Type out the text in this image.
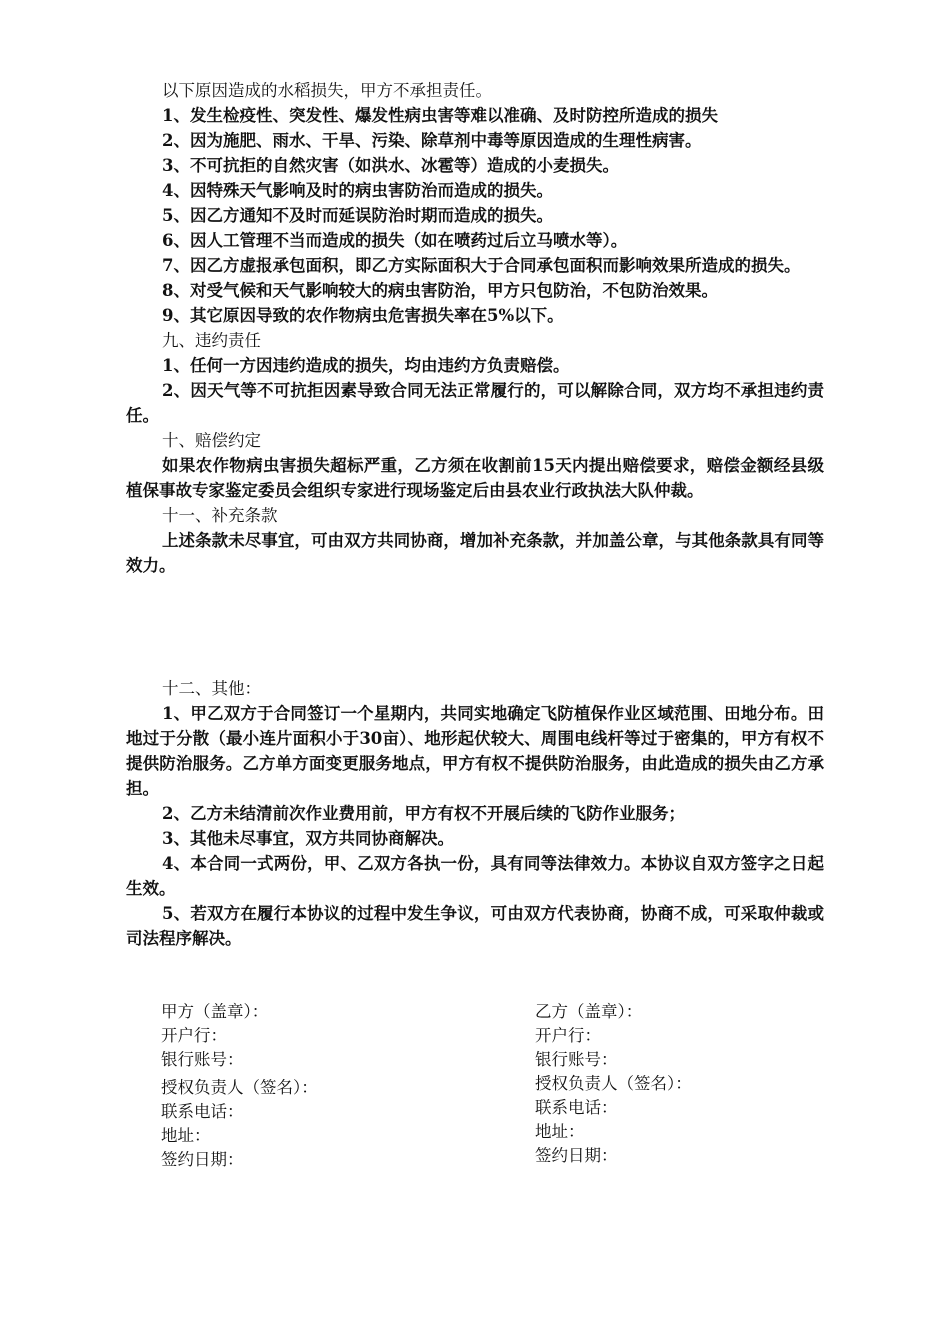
以下原因造成的水稻损失，甲方不承担责任。

1、发生检疫性、突发性、爆发性病虫害等难以准确、及时防控所造成的损失

2、因为施肥、雨水、干旱、污染、除草剂中毒等原因造成的生理性病害。

3、不可抗拒的自然灾害（如洪水、冰雹等）造成的小麦损失。

4、因特殊天气影响及时的病虫害防治而造成的损失。

5、因乙方通知不及时而延误防治时期而造成的损失。

6、因人工管理不当而造成的损失（如在喷药过后立马喷水等）。

7、因乙方虚报承包面积，即乙方实际面积大于合同承包面积而影响效果所造成的损失。

8、对受气候和天气影响较大的病虫害防治，甲方只包防治，不包防治效果。

9、其它原因导致的农作物病虫危害损失率在5%以下。

九、违约责任

1、任何一方因违约造成的损失，均由违约方负责赔偿。

2、因天气等不可抗拒因素导致合同无法正常履行的，可以解除合同，双方均不承担违约责任。

十、赔偿约定

如果农作物病虫害损失超标严重，乙方须在收割前15天内提出赔偿要求，赔偿金额经县级植保事故专家鉴定委员会组织专家进行现场鉴定后由县农业行政执法大队仲裁。

十一、补充条款

上述条款未尽事宜，可由双方共同协商，增加补充条款，并加盖公章，与其他条款具有同等效力。

十二、其他：

1、甲乙双方于合同签订一个星期内，共同实地确定飞防植保作业区域范围、田地分布。田地过于分散（最小连片面积小于30亩）、地形起伏较大、周围电线杆等过于密集的，甲方有权不提供防治服务。乙方单方面变更服务地点，甲方有权不提供防治服务，由此造成的损失由乙方承担。

2、乙方未结清前次作业费用前，甲方有权不开展后续的飞防作业服务；

3、其他未尽事宜，双方共同协商解决。

4、本合同一式两份，甲、乙双方各执一份，具有同等法律效力。本协议自双方签字之日起生效。

5、若双方在履行本协议的过程中发生争议，可由双方代表协商，协商不成，可采取仲裁或司法程序解决。

甲方（盖章）：

开户行：

银行账号：

授权负责人（签名）：

联系电话：

地址：

签约日期：

乙方（盖章）：

开户行：

银行账号：

授权负责人（签名）：

联系电话：

地址：

签约日期：
